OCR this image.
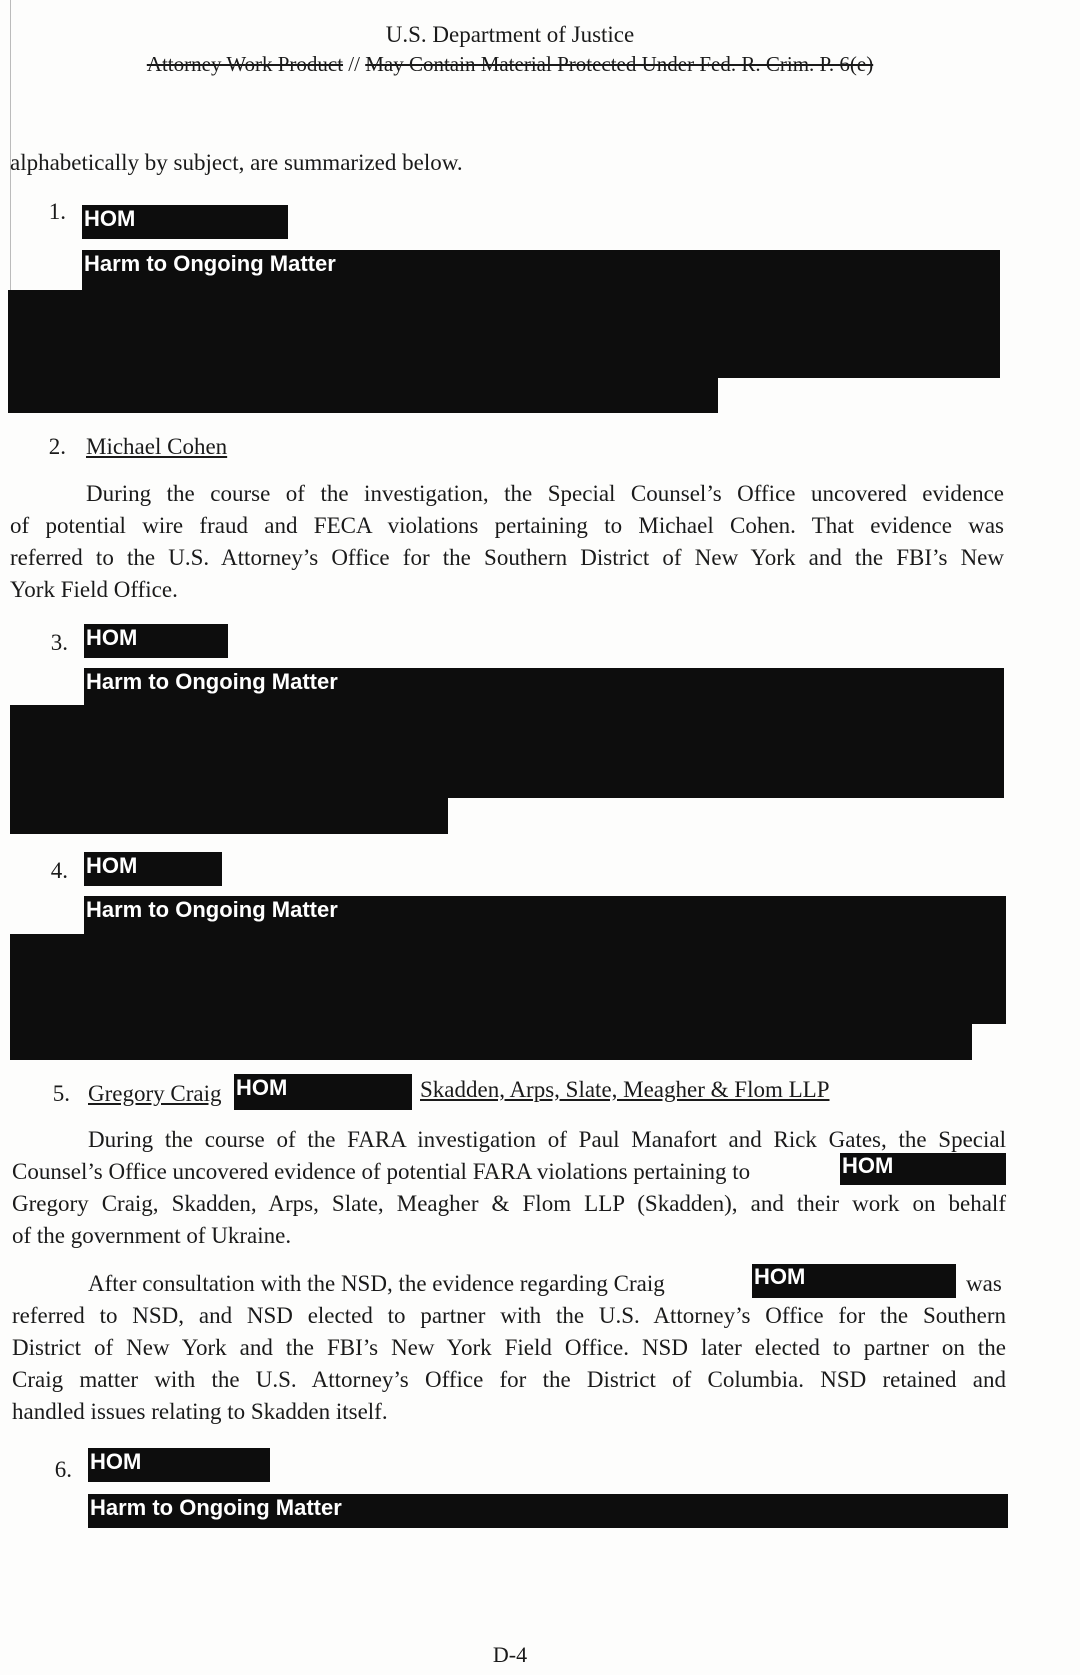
U.S. Department of Justice
Attorney Work Product // May Contain Material Protected Under Fed. R. Crim. P. 6(e)
alphabetically by subject, are summarized below.
1. HOM
Harm to Ongoing Matter
2. Michael Cohen
During the course of the investigation, the Special Counsel’s Office uncovered evidence
of potential wire fraud and FECA violations pertaining to Michael Cohen. That evidence was
referred to the U.S. Attorney’s Office for the Southern District of New York and the FBI’s New
York Field Office.
3. HOM
Harm to Ongoing Matter
4. HOM
Harm to Ongoing Matter
5. Gregory Craig HOM	Skadden, Arps, Slate, Meagher & Flom LLP
During the course of the FARA investigation of Paul Manafort and Rick Gates, the Special
Counsel’s Office uncovered evidence of potential FARA violations pertaining to	HOM
Gregory Craig, Skadden, Arps, Slate, Meagher & Flom LLP (Skadden), and their work on behalf
of the government of Ukraine.
After consultation with the NSD, the evidence regarding Craig	HOM	was
referred to NSD, and NSD elected to partner with the U.S. Attorney’s Office for the Southern
District of New York and the FBI’s New York Field Office. NSD later elected to partner on the
Craig matter with the U.S. Attorney’s Office for the District of Columbia. NSD retained and
handled issues relating to Skadden itself.
6. HOM
Harm to Ongoing Matter
D-4
